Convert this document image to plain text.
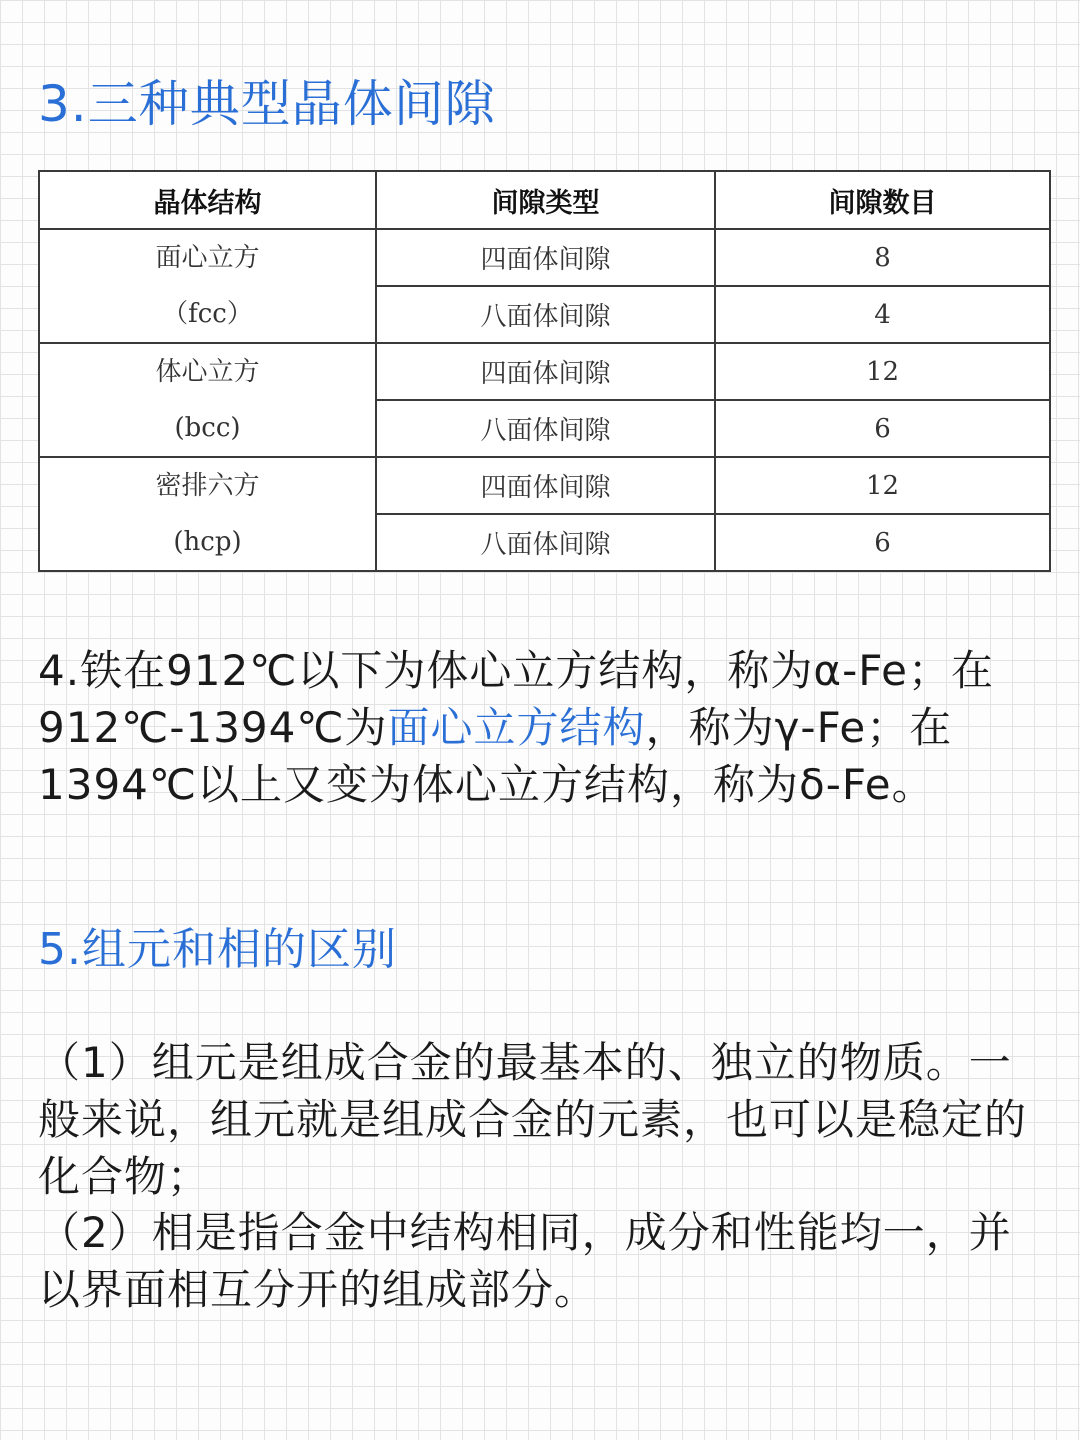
3.三种典型晶体间隙
晶体结构	间隙类型	间隙数目

面心立方
（fcc）	四面体间隙	8
	八面体间隙	4

体心立方
(bcc)	四面体间隙	12
	八面体间隙	6

密排六方
(hcp)	四面体间隙	12
	八面体间隙	6

4.铁在912℃以下为体心立方结构，称为α-Fe；在912℃-1394℃为面心立方结构，称为γ-Fe；在1394℃以上又变为体心立方结构，称为δ-Fe。

5.组元和相的区别

（1）组元是组成合金的最基本的、独立的物质。一般来说，组元就是组成合金的元素，也可以是稳定的化合物；

（2）相是指合金中结构相同，成分和性能均一，并以界面相互分开的组成部分。
